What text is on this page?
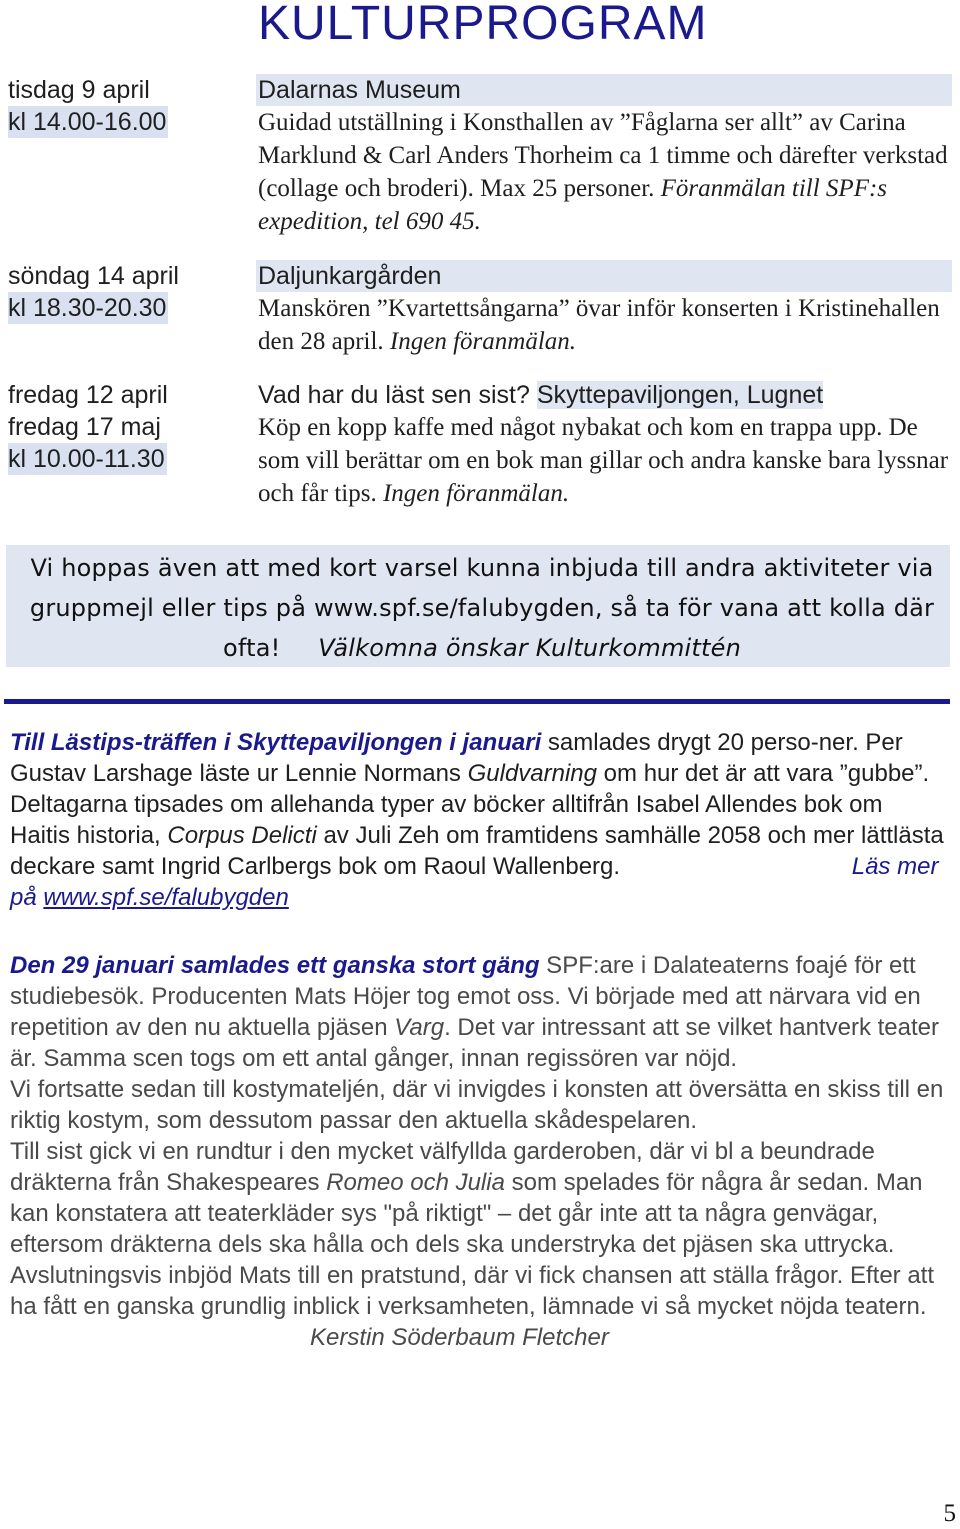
KULTURPROGRAM
tisdag 9 april
kl 14.00-16.00
Dalarnas Museum
Guidad utställning i Konsthallen av ”Fåglarna ser allt” av Carina Marklund & Carl Anders Thorheim ca 1 timme och därefter verkstad (collage och broderi). Max 25 personer. Föranmälan till SPF:s expedition, tel 690 45.
söndag 14 april
kl 18.30-20.30
Daljunkargården
Manskören ”Kvartettsångarna” övar inför konserten i Kristinehallen den 28 april. Ingen föranmälan.
fredag 12 april
fredag 17 maj
kl 10.00-11.30
Vad har du läst sen sist? Skyttepaviljongen, Lugnet
Köp en kopp kaffe med något nybakat och kom en trappa upp. De som vill berättar om en bok man gillar och andra kanske bara lyssnar och får tips. Ingen föranmälan.
Vi hoppas även att med kort varsel kunna inbjuda till andra aktiviteter via gruppmejl eller tips på www.spf.se/falubygden, så ta för vana att kolla där ofta! Välkomna önskar Kulturkommittén
Till Lästips-träffen i Skyttepaviljongen i januari samlades drygt 20 perso-ner. Per Gustav Larshage läste ur Lennie Normans Guldvarning om hur det är att vara ”gubbe”. Deltagarna tipsades om allehanda typer av böcker alltifrån Isabel Allendes bok om Haitis historia, Corpus Delicti av Juli Zeh om framtidens samhälle 2058 och mer lättlästa deckare samt Ingrid Carlbergs bok om Raoul Wallenberg.	Läs mer på www.spf.se/falubygden
Den 29 januari samlades ett ganska stort gäng SPF:are i Dalateaterns foajé för ett studiebesök. Producenten Mats Höjer tog emot oss. Vi började med att närvara vid en repetition av den nu aktuella pjäsen Varg. Det var intressant att se vilket hantverk teater är. Samma scen togs om ett antal gånger, innan regissören var nöjd.
Vi fortsatte sedan till kostymateljén, där vi invigdes i konsten att översätta en skiss till en riktig kostym, som dessutom passar den aktuella skådespelaren.
Till sist gick vi en rundtur i den mycket välfyllda garderoben, där vi bl a beundrade dräkterna från Shakespeares Romeo och Julia som spelades för några år sedan. Man kan konstatera att teaterkläder sys "på riktigt" – det går inte att ta några genvägar, eftersom dräkterna dels ska hålla och dels ska understryka det pjäsen ska uttrycka.
Avslutningsvis inbjöd Mats till en pratstund, där vi fick chansen att ställa frågor. Efter att ha fått en ganska grundlig inblick i verksamheten, lämnade vi så mycket nöjda teatern. Kerstin Söderbaum Fletcher
5
